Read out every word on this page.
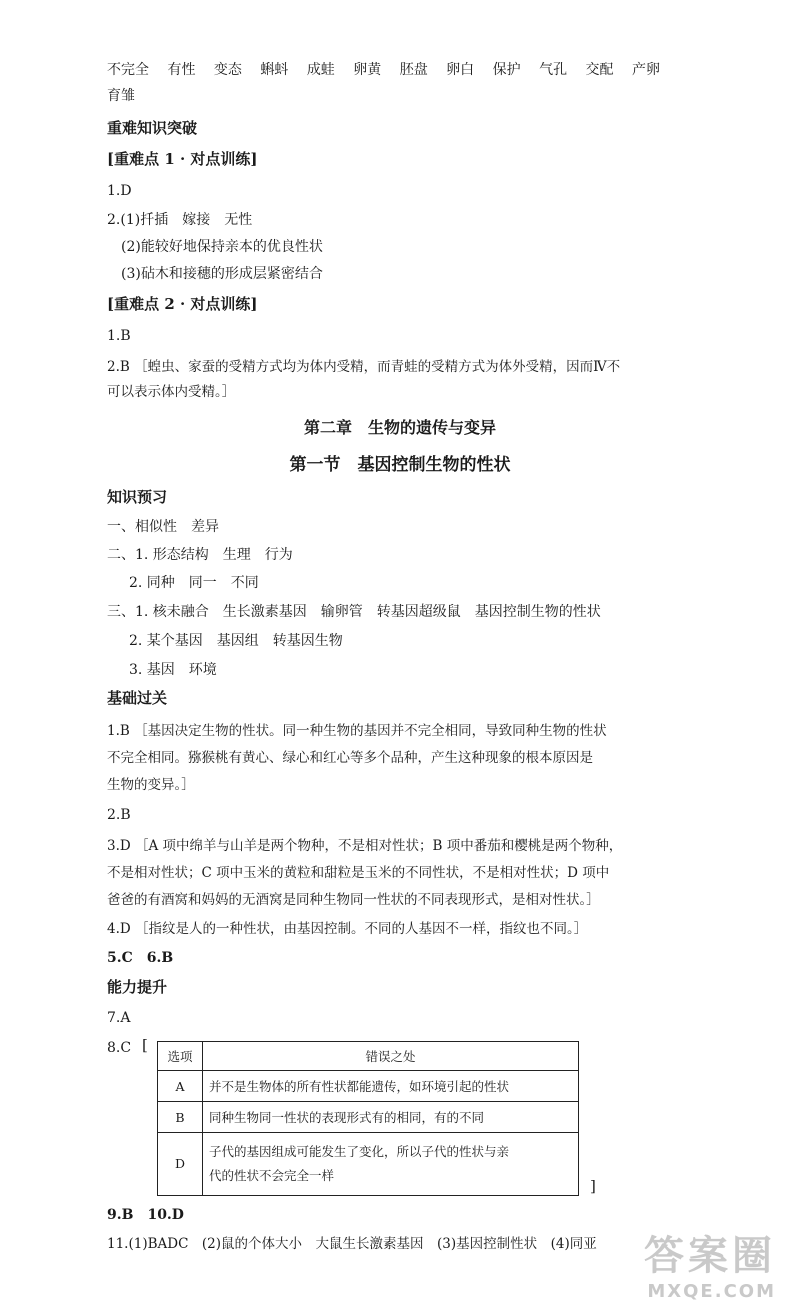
不完全 有性 变态 蝌蚪 成蛙 卵黄 胚盘 卵白 保护 气孔 交配 产卵
育雏
重难知识突破
[重难点 1 · 对点训练]
1.D
2.(1)扦插　嫁接　无性
(2)能较好地保持亲本的优良性状
(3)砧木和接穗的形成层紧密结合
[重难点 2 · 对点训练]
1.B
2.B ［蝗虫、家蚕的受精方式均为体内受精，而青蛙的受精方式为体外受精，因而Ⅳ不
可以表示体内受精。］
第二章　生物的遗传与变异
第一节　基因控制生物的性状
知识预习
一、相似性　差异
二、1. 形态结构　生理　行为
2. 同种　同一　不同
三、1. 核未融合　生长激素基因　输卵管　转基因超级鼠　基因控制生物的性状
2. 某个基因　基因组　转基因生物
3. 基因　环境
基础过关
1.B ［基因决定生物的性状。同一种生物的基因并不完全相同，导致同种生物的性状
不完全相同。猕猴桃有黄心、绿心和红心等多个品种，产生这种现象的根本原因是
生物的变异。］
2.B
3.D ［A 项中绵羊与山羊是两个物种，不是相对性状；B 项中番茄和樱桃是两个物种，
不是相对性状；C 项中玉米的黄粒和甜粒是玉米的不同性状，不是相对性状；D 项中
爸爸的有酒窝和妈妈的无酒窝是同种生物同一性状的不同表现形式，是相对性状。］
4.D ［指纹是人的一种性状，由基因控制。不同的人基因不一样，指纹也不同。］
5.C　6.B
能力提升
7.A
8.C [
选项	错误之处
A	并不是生物体的所有性状都能遗传，如环境引起的性状
B	同种生物同一性状的表现形式有的相同，有的不同
D	子代的基因组成可能发生了变化，所以子代的性状与亲
代的性状不会完全一样
]
9.B　10.D
11.(1)BADC　(2)鼠的个体大小　大鼠生长激素基因　(3)基因控制性状　(4)同亚 答案圈
MXQE.COM
